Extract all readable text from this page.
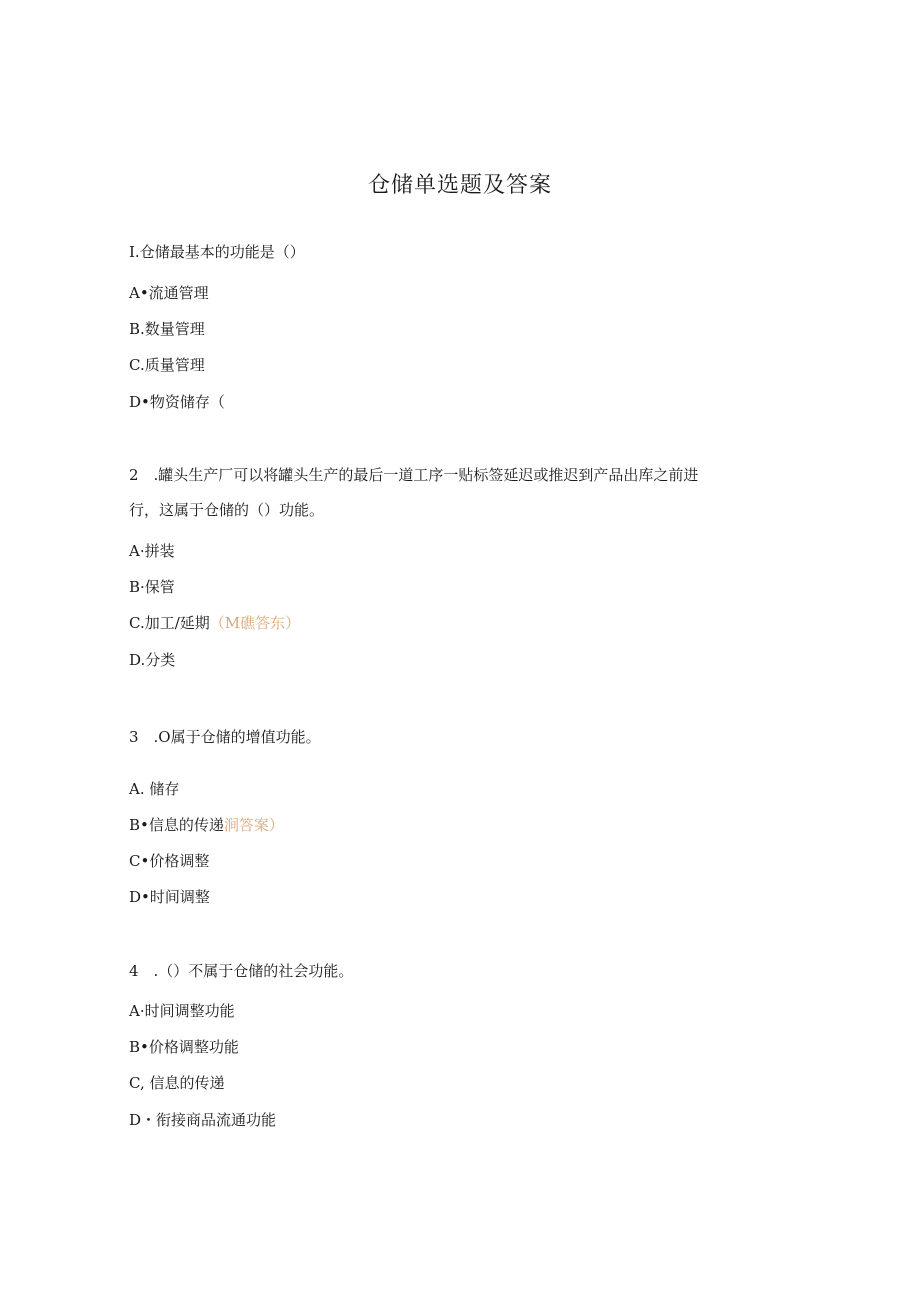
仓储单选题及答案
I.仓储最基本的功能是（）
A•流通管理
B.数量管理
C.质量管理
D•物资储存（
2　.罐头生产厂可以将罐头生产的最后一道工序一贴标签延迟或推迟到产品出库之前进
行，这属于仓储的（）功能。
A·拼装
B·保管
C.加工/延期（M礁答东）
D.分类
3　.O属于仓储的增值功能。
A. 储存
B•信息的传递涧答案）
C•价格调整
D•时间调整
4　.（）不属于仓储的社会功能。
A·时间调整功能
B•价格调整功能
C, 信息的传递
D・衔接商品流通功能
